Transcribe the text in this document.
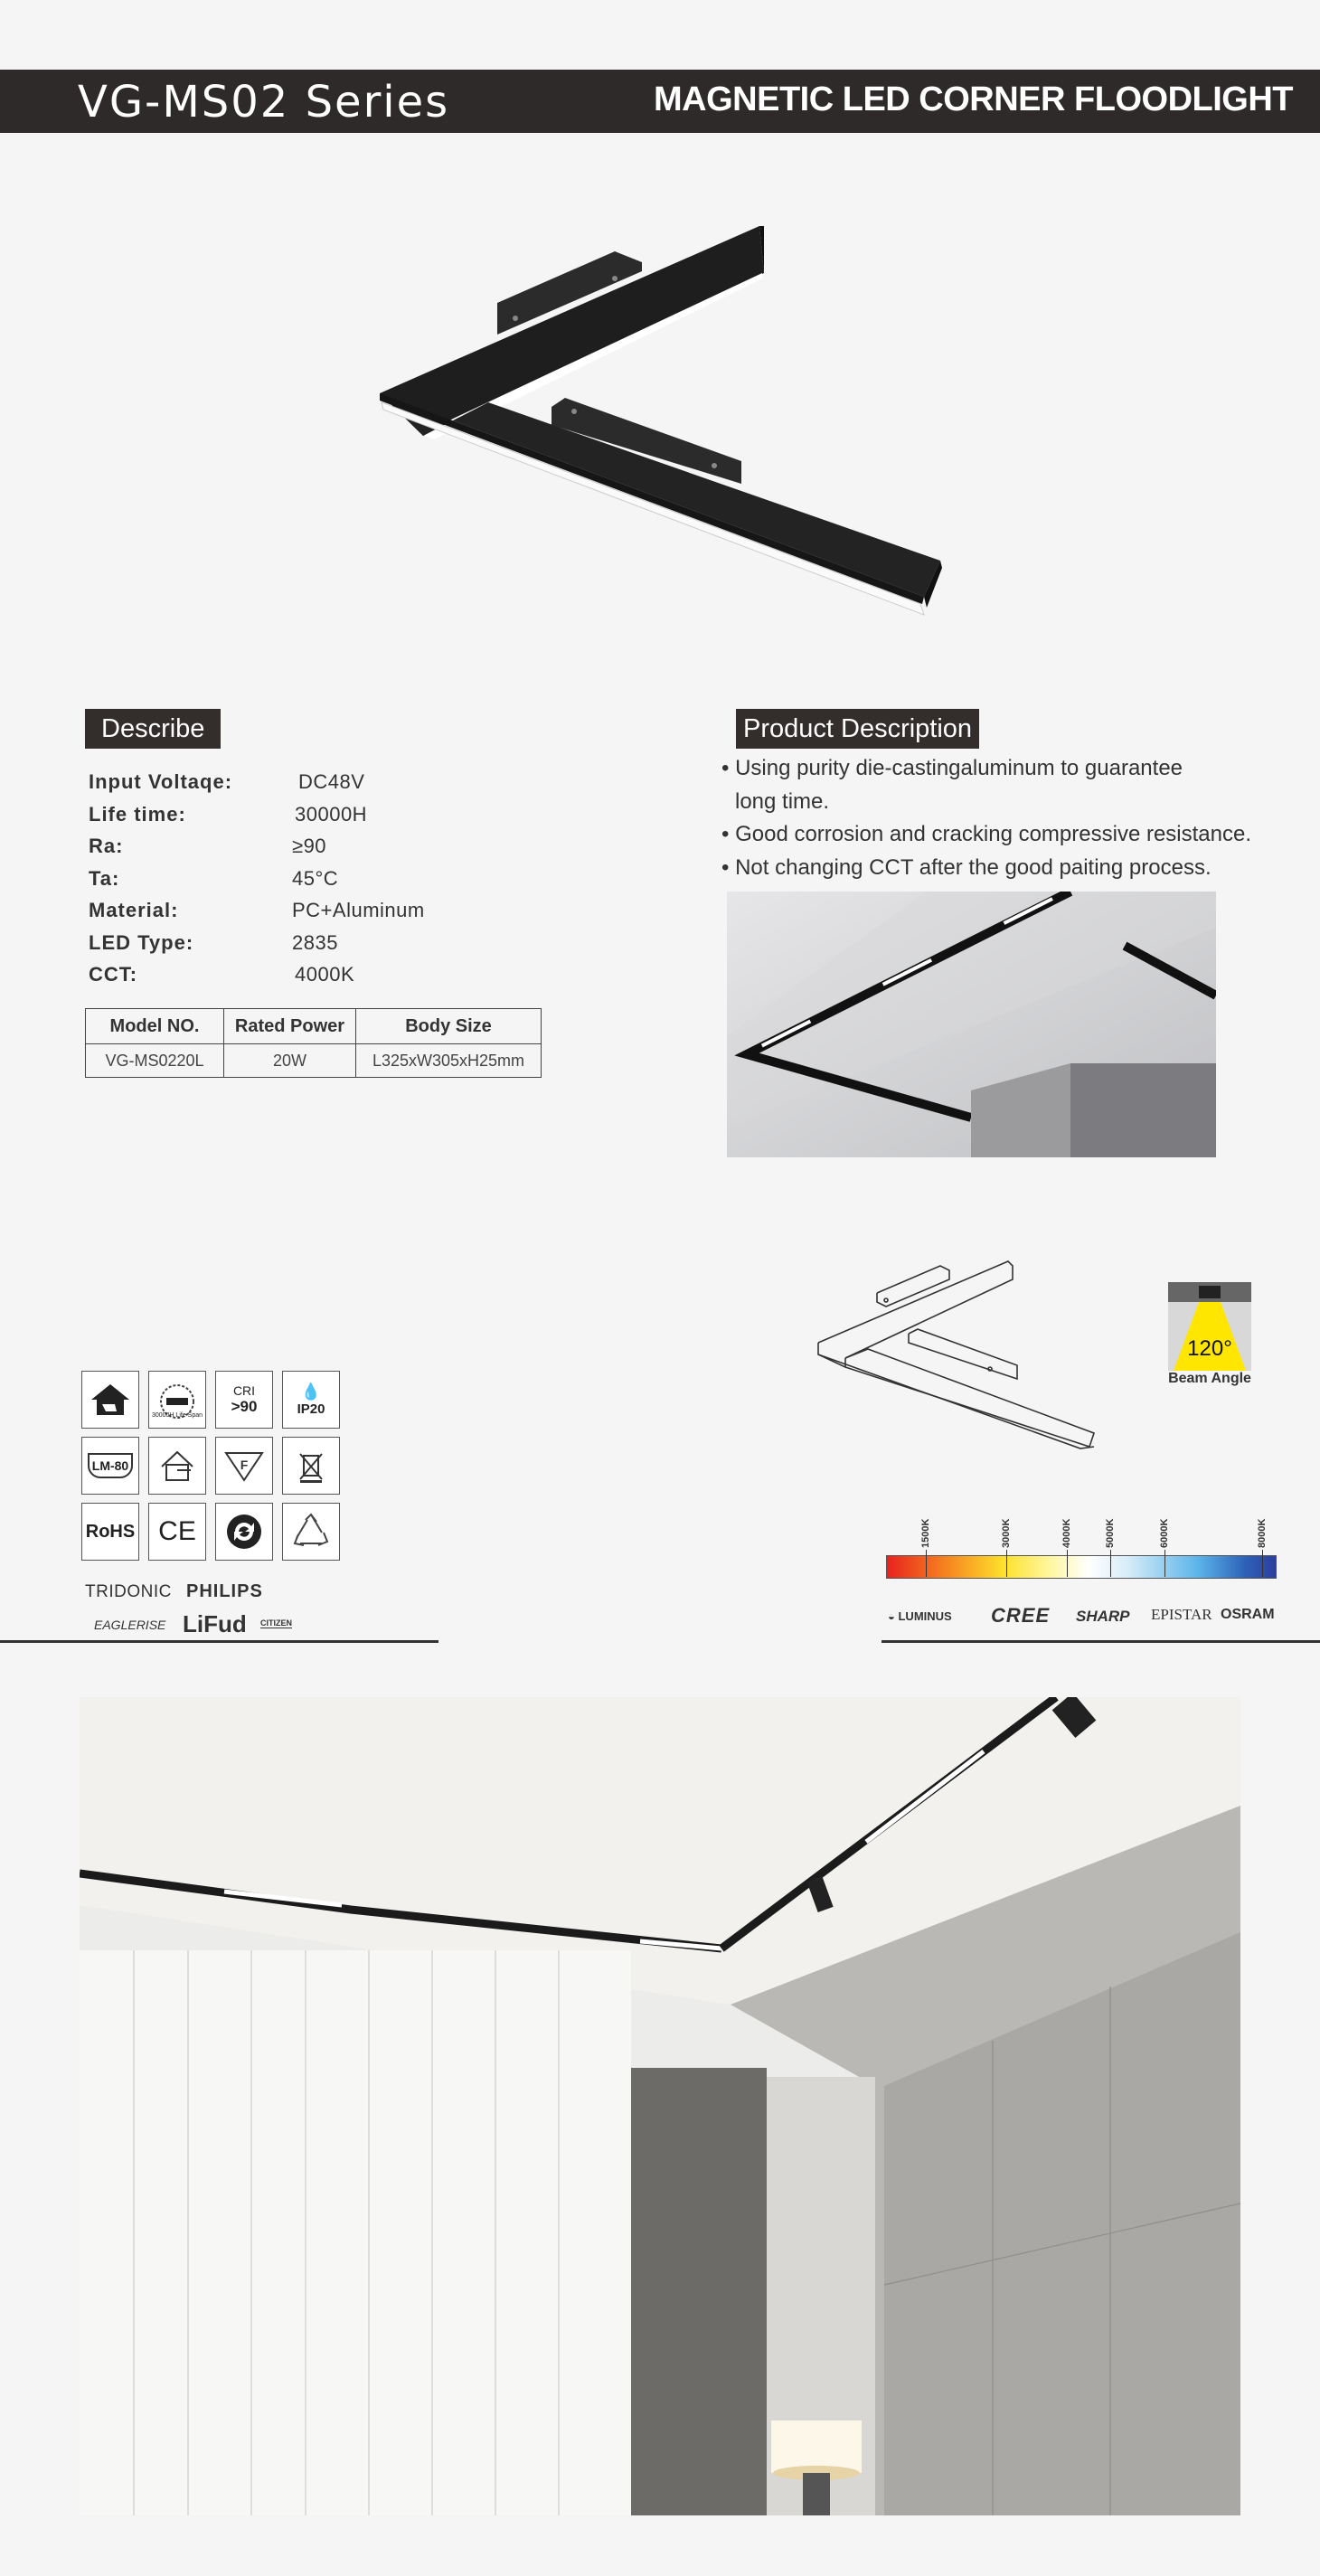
VG-MS02 Series	MAGNETIC LED CORNER FLOODLIGHT
Describe
Input Voltaqe:	DC48V
Life time:	30000H
Ra:	≥90
Ta:	45°C
Material:	PC+Aluminum
LED Type:	2835
CCT:	4000K
Model NO.	Rated Power	Body Size
VG-MS0220L	20W	L325xW305xH25mm
Product Description
• Using purity die-castingaluminum to guarantee
long time.
• Good corrosion and cracking compressive resistance.
• Not changing CCT after the good paiting process.
120°
Beam Angle
30000H Life Span
CRI
>90
💧
IP20
LM-80	F
RoHS CE
TRIDONIC PHILIPS
EAGLERISE LiFud CITIZEN
1500K	3000K	4000K	5000K	6000K	8000K
◒ LUMINUS CREE SHARP EPISTAR OSRAM
